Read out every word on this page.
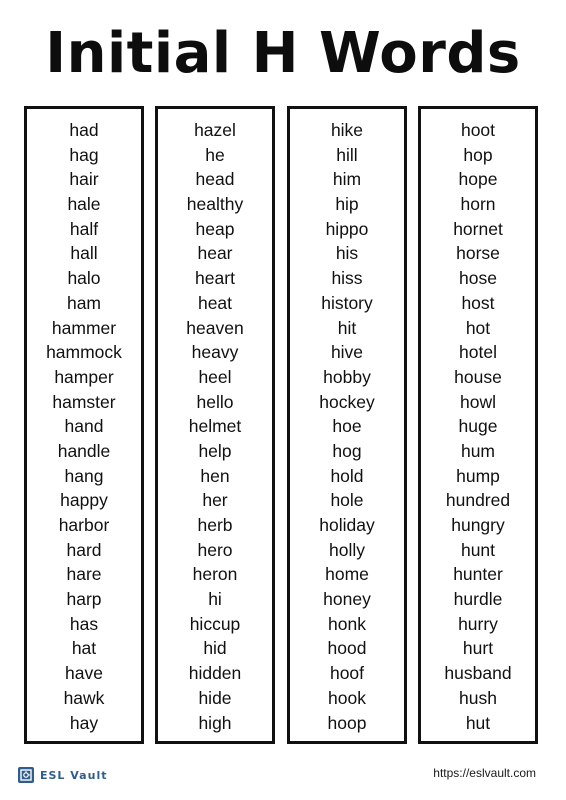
Initial H Words
had
hag
hair
hale
half
hall
halo
ham
hammer
hammock
hamper
hamster
hand
handle
hang
happy
harbor
hard
hare
harp
has
hat
have
hawk
hay
hazel
he
head
healthy
heap
hear
heart
heat
heaven
heavy
heel
hello
helmet
help
hen
her
herb
hero
heron
hi
hiccup
hid
hidden
hide
high
hike
hill
him
hip
hippo
his
hiss
history
hit
hive
hobby
hockey
hoe
hog
hold
hole
holiday
holly
home
honey
honk
hood
hoof
hook
hoop
hoot
hop
hope
horn
hornet
horse
hose
host
hot
hotel
house
howl
huge
hum
hump
hundred
hungry
hunt
hunter
hurdle
hurry
hurt
husband
hush
hut
ESL Vault	https://eslvault.com
